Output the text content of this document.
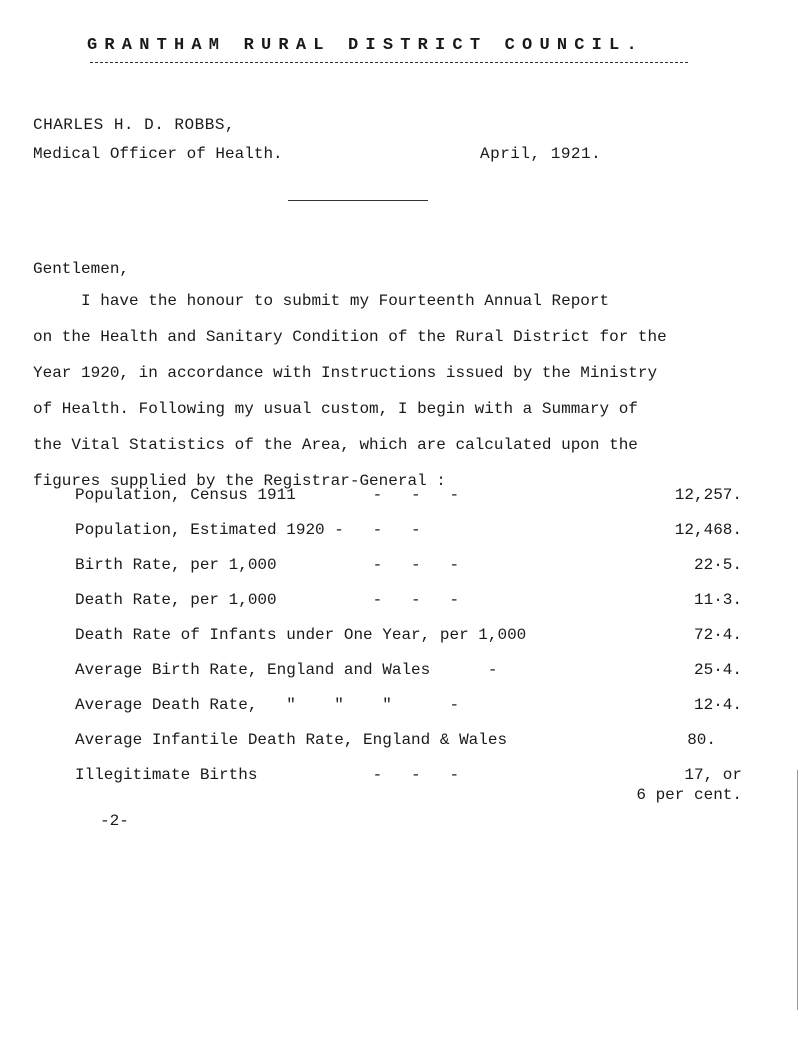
GRANTHAM RURAL DISTRICT COUNCIL.
CHARLES H. D. ROBBS,
Medical Officer of Health.	April, 1921.
Gentlemen,
I have the honour to submit my Fourteenth Annual Report
on the Health and Sanitary Condition of the Rural District for the
Year 1920, in accordance with Instructions issued by the Ministry
of Health. Following my usual custom, I begin with a Summary of
the Vital Statistics of the Area, which are calculated upon the
figures supplied by the Registrar-General :
Population, Census 1911        -   -   -	12,257.
Population, Estimated 1920 -   -   -	12,468.
Birth Rate, per 1,000          -   -   -	22·5.
Death Rate, per 1,000          -   -   -	11·3.
Death Rate of Infants under One Year, per 1,000	72·4.
Average Birth Rate, England and Wales      -	25·4.
Average Death Rate,   "    "    "      -	12·4.
Average Infantile Death Rate, England & Wales	80.
Illegitimate Births            -   -   -	17, or
6 per cent.
-2-
